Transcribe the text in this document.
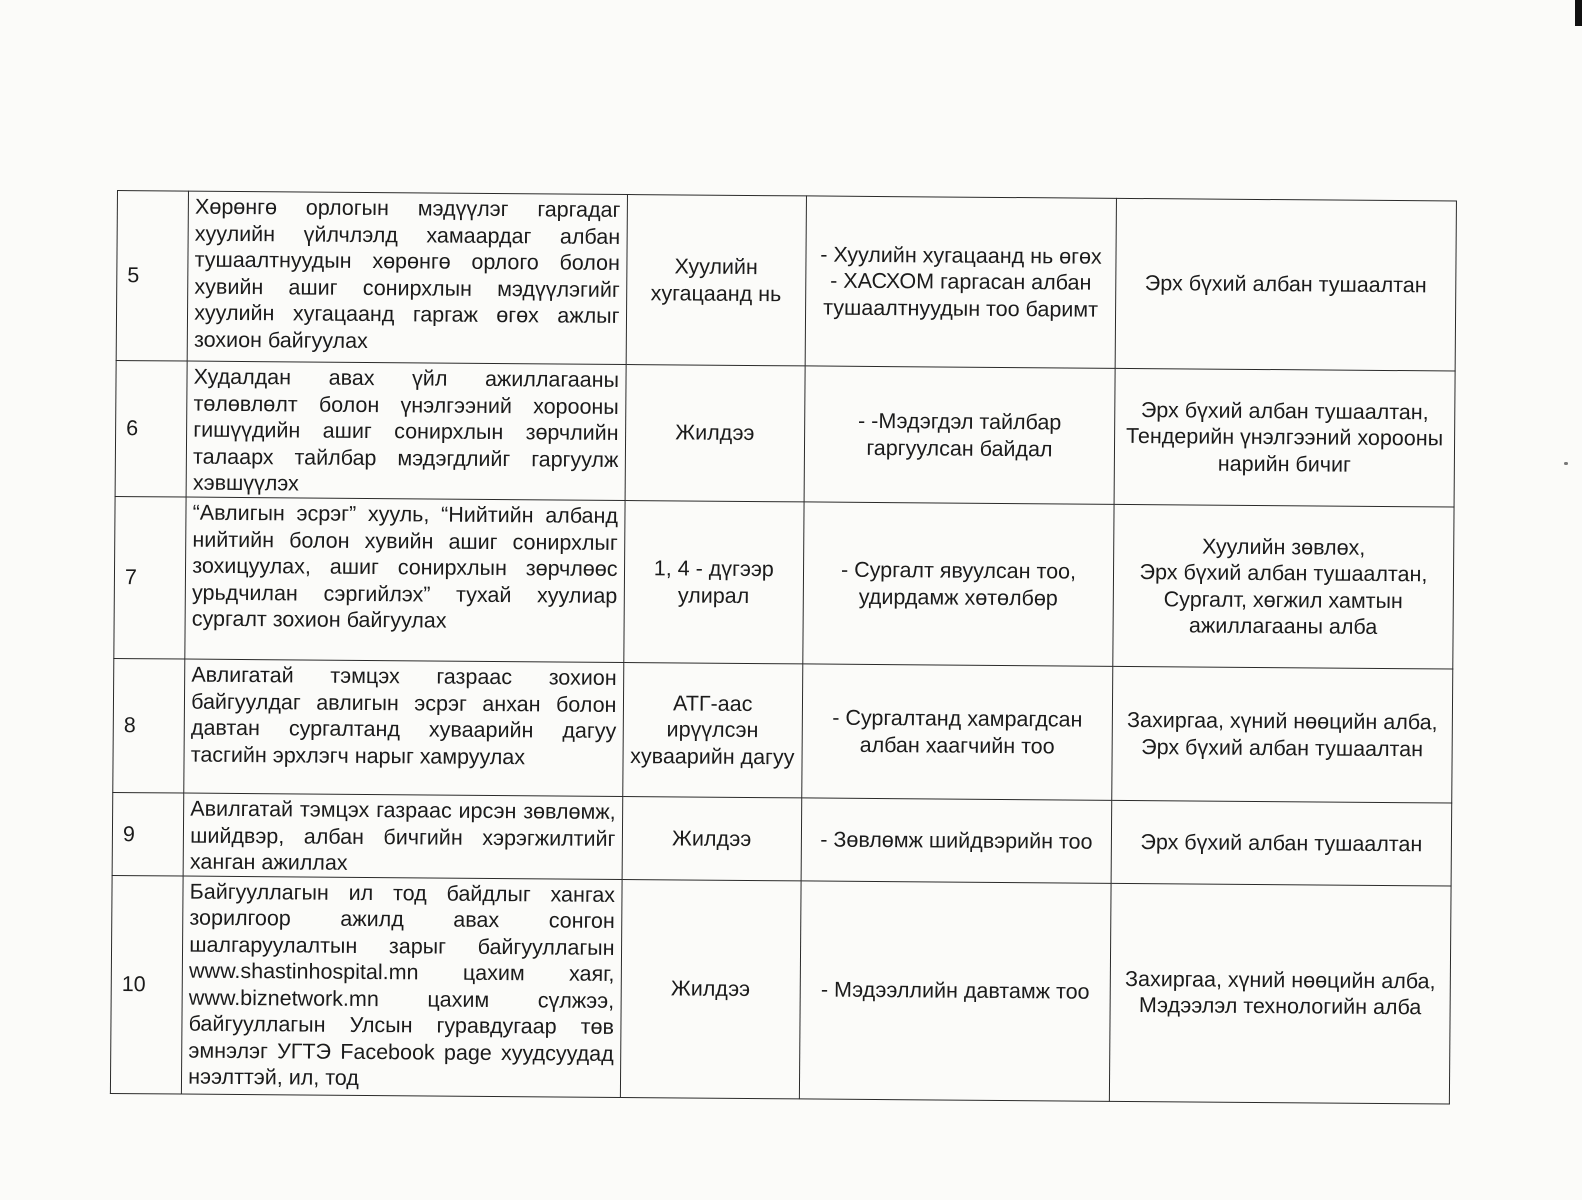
5	Хөрөнгө орлогын мэдүүлэг гаргадаг хуулийн үйлчлэлд хамаардаг албан тушаалтнуудын хөрөнгө орлого болон хувийн ашиг сонирхлын мэдүүлэгийг хуулийн хугацаанд гаргаж өгөх ажлыг зохион байгуулах	Хуулийн хугацаанд нь	- Хуулийн хугацаанд нь өгөх
- ХАСХОМ гаргасан албан тушаалтнуудын тоо баримт	Эрх бүхий албан тушаалтан

6	Худалдан авах үйл ажиллагааны төлөвлөлт болон үнэлгээний хорооны гишүүдийн ашиг сонирхлын зөрчлийн талаарх тайлбар мэдэгдлийг гаргуулж хэвшүүлэх	Жилдээ	- -Мэдэгдэл тайлбар гаргуулсан байдал	Эрх бүхий албан тушаалтан,
Тендерийн үнэлгээний хорооны нарийн бичиг

7	“Авлигын эсрэг” хууль, “Нийтийн албанд нийтийн болон хувийн ашиг сонирхлыг зохицуулах, ашиг сонирхлын зөрчлөөс урьдчилан сэргийлэх” тухай хуулиар сургалт зохион байгуулах	1, 4 - дүгээр улирал	- Сургалт явуулсан тоо, удирдамж хөтөлбөр	Хуулийн зөвлөх,
Эрх бүхий албан тушаалтан, Сургалт, хөгжил хамтын ажиллагааны алба

8	Авлигатай тэмцэх газраас зохион байгуулдаг авлигын эсрэг анхан болон давтан сургалтанд хуваарийн дагуу тасгийн эрхлэгч нарыг хамруулах	АТГ-аас ирүүлсэн хуваарийн дагуу	- Сургалтанд хамрагдсан албан хаагчийн тоо	Захиргаа, хүний нөөцийн алба,
Эрх бүхий албан тушаалтан

9	Авилгатай тэмцэх газраас ирсэн зөвлөмж, шийдвэр, албан бичгийн хэрэгжилтийг ханган ажиллах	Жилдээ	- Зөвлөмж шийдвэрийн тоо	Эрх бүхий албан тушаалтан

10	Байгууллагын ил тод байдлыг хангах зорилгоор ажилд авах сонгон шалгаруулалтын зарыг байгууллагын www.shastinhospital.mn цахим хаяг, www.biznetwork.mn цахим сүлжээ, байгууллагын Улсын гуравдугаар төв эмнэлэг УГТЭ Facebook page хуудсуудад нээлттэй, ил, тод	Жилдээ	- Мэдээллийн давтамж тоо	Захиргаа, хүний нөөцийн алба,
Мэдээлэл технологийн алба
